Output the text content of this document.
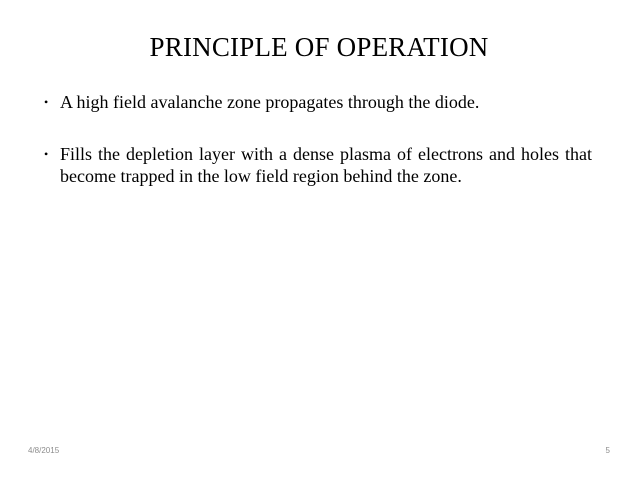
PRINCIPLE OF OPERATION
• A high field avalanche zone propagates through the diode.
• Fills the depletion layer with a dense plasma of electrons and holes that become trapped in the low field region behind the zone.
4/8/2015	5
